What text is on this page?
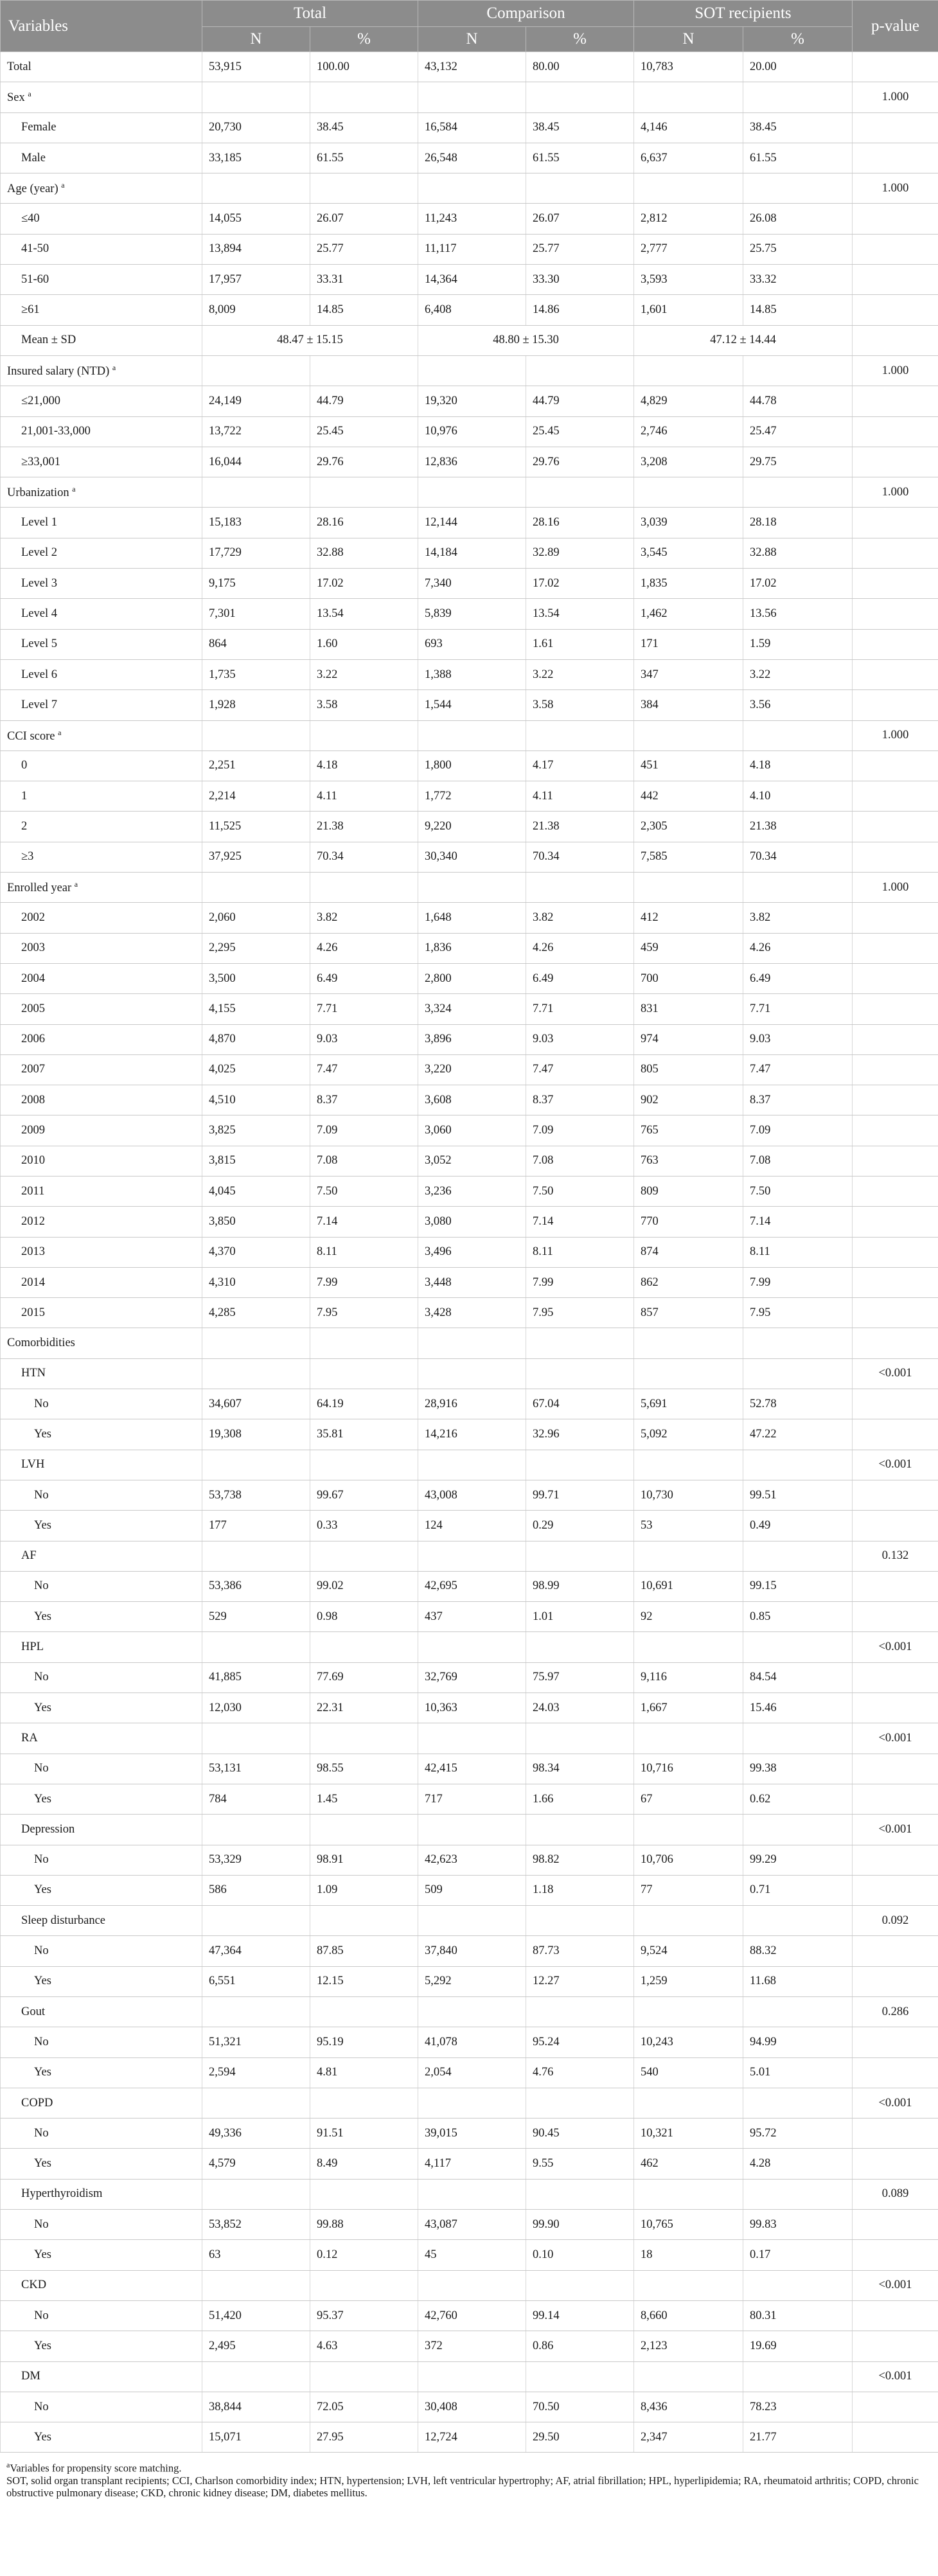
Variables	Total		Comparison		SOT recipients		p-value
	N	%	N	%	N	%	
Total	53,915	100.00	43,132	80.00	10,783	20.00	
Sex $^a$							1.000
Female	20,730	38.45	16,584	38.45	4,146	38.45	
Male	33,185	61.55	26,548	61.55	6,637	61.55	
Age (year) $^a$							1.000
≤40	14,055	26.07	11,243	26.07	2,812	26.08	
41-50	13,894	25.77	11,117	25.77	2,777	25.75	
51-60	17,957	33.31	14,364	33.30	3,593	33.32	
≥61	8,009	14.85	6,408	14.86	1,601	14.85	
Mean ± SD	48.47 ± 15.15		48.80 ± 15.30		47.12 ± 14.44		
Insured salary (NTD) $^a$							1.000
≤21,000	24,149	44.79	19,320	44.79	4,829	44.78	
21,001-33,000	13,722	25.45	10,976	25.45	2,746	25.47	
≥33,001	16,044	29.76	12,836	29.76	3,208	29.75	
Urbanization $^a$							1.000
Level 1	15,183	28.16	12,144	28.16	3,039	28.18	
Level 2	17,729	32.88	14,184	32.89	3,545	32.88	
Level 3	9,175	17.02	7,340	17.02	1,835	17.02	
Level 4	7,301	13.54	5,839	13.54	1,462	13.56	
Level 5	864	1.60	693	1.61	171	1.59	
Level 6	1,735	3.22	1,388	3.22	347	3.22	
Level 7	1,928	3.58	1,544	3.58	384	3.56	
CCI score $^a$							1.000
0	2,251	4.18	1,800	4.17	451	4.18	
1	2,214	4.11	1,772	4.11	442	4.10	
2	11,525	21.38	9,220	21.38	2,305	21.38	
≥3	37,925	70.34	30,340	70.34	7,585	70.34	
Enrolled year $^a$							1.000
2002	2,060	3.82	1,648	3.82	412	3.82	
2003	2,295	4.26	1,836	4.26	459	4.26	
2004	3,500	6.49	2,800	6.49	700	6.49	
2005	4,155	7.71	3,324	7.71	831	7.71	
2006	4,870	9.03	3,896	9.03	974	9.03	
2007	4,025	7.47	3,220	7.47	805	7.47	
2008	4,510	8.37	3,608	8.37	902	8.37	
2009	3,825	7.09	3,060	7.09	765	7.09	
2010	3,815	7.08	3,052	7.08	763	7.08	
2011	4,045	7.50	3,236	7.50	809	7.50	
2012	3,850	7.14	3,080	7.14	770	7.14	
2013	4,370	8.11	3,496	8.11	874	8.11	
2014	4,310	7.99	3,448	7.99	862	7.99	
2015	4,285	7.95	3,428	7.95	857	7.95	
Comorbidities							
HTN							<0.001
No	34,607	64.19	28,916	67.04	5,691	52.78	
Yes	19,308	35.81	14,216	32.96	5,092	47.22	
LVH							<0.001
No	53,738	99.67	43,008	99.71	10,730	99.51	
Yes	177	0.33	124	0.29	53	0.49	
AF							0.132
No	53,386	99.02	42,695	98.99	10,691	99.15	
Yes	529	0.98	437	1.01	92	0.85	
HPL							<0.001
No	41,885	77.69	32,769	75.97	9,116	84.54	
Yes	12,030	22.31	10,363	24.03	1,667	15.46	
RA							<0.001
No	53,131	98.55	42,415	98.34	10,716	99.38	
Yes	784	1.45	717	1.66	67	0.62	
Depression							<0.001
No	53,329	98.91	42,623	98.82	10,706	99.29	
Yes	586	1.09	509	1.18	77	0.71	
Sleep disturbance							0.092
No	47,364	87.85	37,840	87.73	9,524	88.32	
Yes	6,551	12.15	5,292	12.27	1,259	11.68	
Gout							0.286
No	51,321	95.19	41,078	95.24	10,243	94.99	
Yes	2,594	4.81	2,054	4.76	540	5.01	
COPD							<0.001
No	49,336	91.51	39,015	90.45	10,321	95.72	
Yes	4,579	8.49	4,117	9.55	462	4.28	
Hyperthyroidism							0.089
No	53,852	99.88	43,087	99.90	10,765	99.83	
Yes	63	0.12	45	0.10	18	0.17	
CKD							<0.001
No	51,420	95.37	42,760	99.14	8,660	80.31	
Yes	2,495	4.63	372	0.86	2,123	19.69	
DM							<0.001
No	38,844	72.05	30,408	70.50	8,436	78.23	
Yes	15,071	27.95	12,724	29.50	2,347	21.77	

$^a$Variables for propensity score matching.

SOT, solid organ transplant recipients; CCI, Charlson comorbidity index; HTN, hypertension; LVH, left ventricular hypertrophy; AF, atrial fibrillation; HPL, hyperlipidemia; RA, rheumatoid arthritis; COPD, chronic obstructive pulmonary disease; CKD, chronic kidney disease; DM, diabetes mellitus.
